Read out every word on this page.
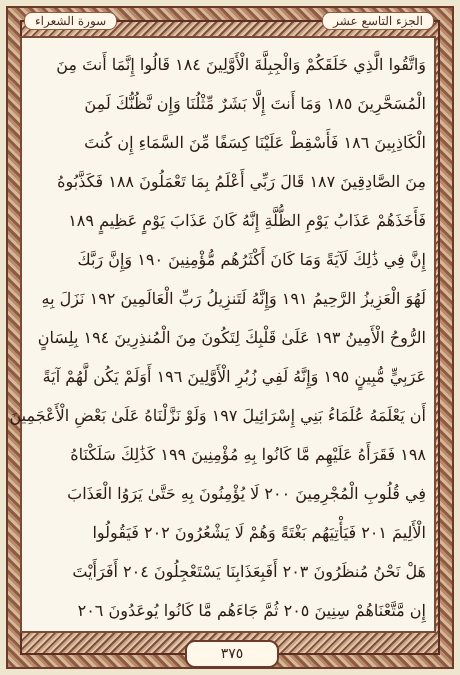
سورة الشعراء	الجزء التاسع عشر
وَاتَّقُوا الَّذِي خَلَقَكُمْ وَالْجِبِلَّةَ الْأَوَّلِينَ ١٨٤ قَالُوا إِنَّمَا أَنتَ مِنَ
الْمُسَحَّرِينَ ١٨٥ وَمَا أَنتَ إِلَّا بَشَرٌ مِّثْلُنَا وَإِن نَّظُنُّكَ لَمِنَ
الْكَاذِبِينَ ١٨٦ فَأَسْقِطْ عَلَيْنَا كِسَفًا مِّنَ السَّمَاءِ إِن كُنتَ
مِنَ الصَّادِقِينَ ١٨٧ قَالَ رَبِّي أَعْلَمُ بِمَا تَعْمَلُونَ ١٨٨ فَكَذَّبُوهُ
فَأَخَذَهُمْ عَذَابُ يَوْمِ الظُّلَّةِ إِنَّهُ كَانَ عَذَابَ يَوْمٍ عَظِيمٍ ١٨٩
إِنَّ فِي ذَٰلِكَ لَآيَةً وَمَا كَانَ أَكْثَرُهُم مُّؤْمِنِينَ ١٩٠ وَإِنَّ رَبَّكَ
لَهُوَ الْعَزِيزُ الرَّحِيمُ ١٩١ وَإِنَّهُ لَتَنزِيلُ رَبِّ الْعَالَمِينَ ١٩٢ نَزَلَ بِهِ
الرُّوحُ الْأَمِينُ ١٩٣ عَلَىٰ قَلْبِكَ لِتَكُونَ مِنَ الْمُنذِرِينَ ١٩٤ بِلِسَانٍ
عَرَبِيٍّ مُّبِينٍ ١٩٥ وَإِنَّهُ لَفِي زُبُرِ الْأَوَّلِينَ ١٩٦ أَوَلَمْ يَكُن لَّهُمْ آيَةً
أَن يَعْلَمَهُ عُلَمَاءُ بَنِي إِسْرَائِيلَ ١٩٧ وَلَوْ نَزَّلْنَاهُ عَلَىٰ بَعْضِ الْأَعْجَمِينَ
١٩٨ فَقَرَأَهُ عَلَيْهِم مَّا كَانُوا بِهِ مُؤْمِنِينَ ١٩٩ كَذَٰلِكَ سَلَكْنَاهُ
فِي قُلُوبِ الْمُجْرِمِينَ ٢٠٠ لَا يُؤْمِنُونَ بِهِ حَتَّىٰ يَرَوُا الْعَذَابَ
الْأَلِيمَ ٢٠١ فَيَأْتِيَهُم بَغْتَةً وَهُمْ لَا يَشْعُرُونَ ٢٠٢ فَيَقُولُوا
هَلْ نَحْنُ مُنظَرُونَ ٢٠٣ أَفَبِعَذَابِنَا يَسْتَعْجِلُونَ ٢٠٤ أَفَرَأَيْتَ
إِن مَّتَّعْنَاهُمْ سِنِينَ ٢٠٥ ثُمَّ جَاءَهُم مَّا كَانُوا يُوعَدُونَ ٢٠٦
٣٧٥
